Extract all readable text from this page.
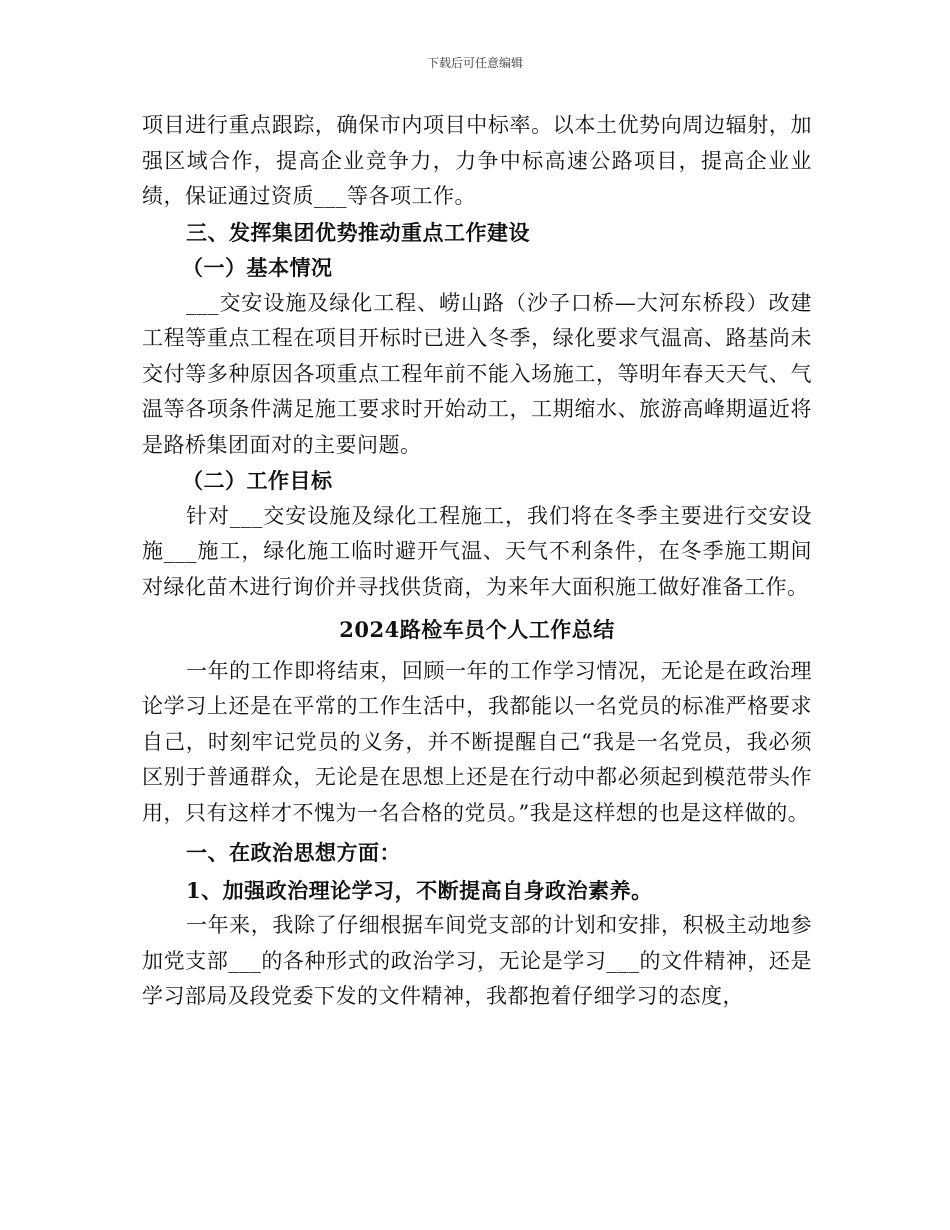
下载后可任意编辑

项目进行重点跟踪，确保市内项目中标率。以本土优势向周边辐射，加强区域合作，提高企业竞争力，力争中标高速公路项目，提高企业业绩，保证通过资质___等各项工作。

三、发挥集团优势推动重点工作建设

（一）基本情况

___交安设施及绿化工程、崂山路（沙子口桥—大河东桥段）改建工程等重点工程在项目开标时已进入冬季，绿化要求气温高、路基尚未交付等多种原因各项重点工程年前不能入场施工，等明年春天天气、气温等各项条件满足施工要求时开始动工，工期缩水、旅游高峰期逼近将是路桥集团面对的主要问题。

（二）工作目标

针对___交安设施及绿化工程施工，我们将在冬季主要进行交安设施___施工，绿化施工临时避开气温、天气不利条件，在冬季施工期间对绿化苗木进行询价并寻找供货商，为来年大面积施工做好准备工作。

2024路检车员个人工作总结

一年的工作即将结束，回顾一年的工作学习情况，无论是在政治理论学习上还是在平常的工作生活中，我都能以一名党员的标准严格要求自己，时刻牢记党员的义务，并不断提醒自己“我是一名党员，我必须区别于普通群众，无论是在思想上还是在行动中都必须起到模范带头作用，只有这样才不愧为一名合格的党员。”我是这样想的也是这样做的。

一、在政治思想方面：

1、加强政治理论学习，不断提高自身政治素养。

一年来，我除了仔细根据车间党支部的计划和安排，积极主动地参加党支部___的各种形式的政治学习，无论是学习___的文件精神，还是学习部局及段党委下发的文件精神，我都抱着仔细学习的态度，
